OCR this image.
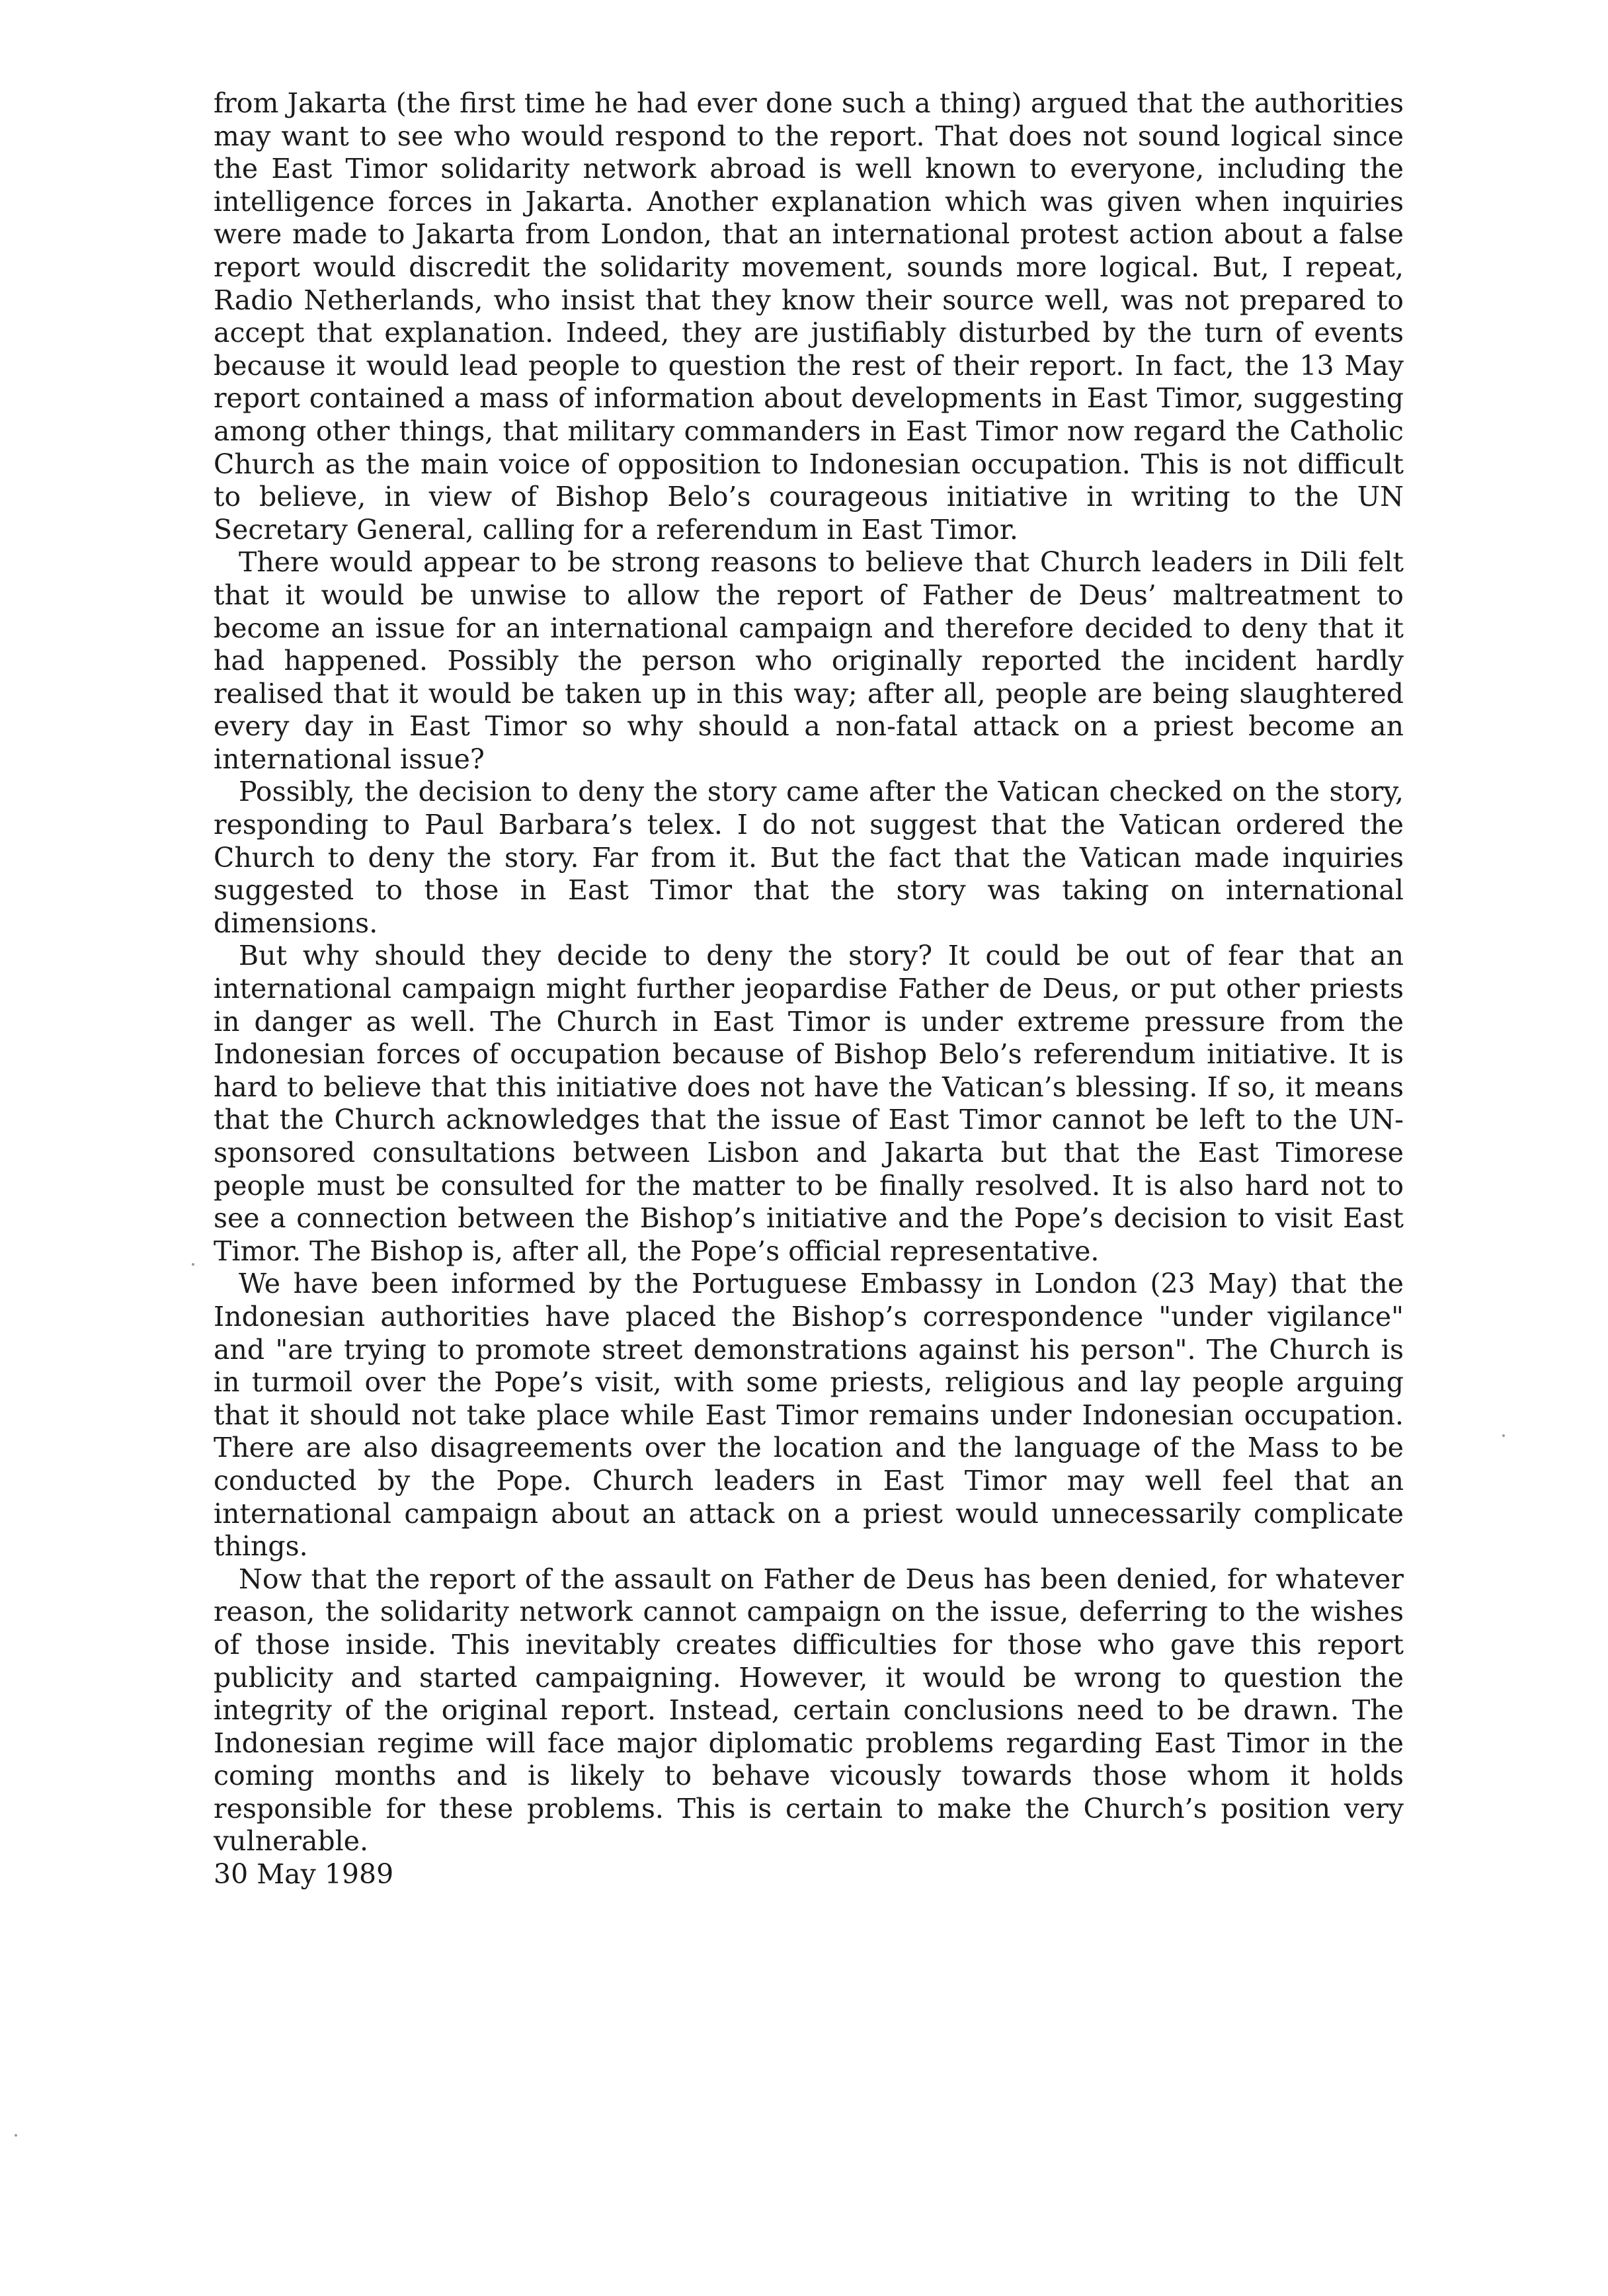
from Jakarta (the first time he had ever done such a thing) argued that the authorities may want to see who would respond to the report. That does not sound logical since the East Timor solidarity network abroad is well known to everyone, including the intelligence forces in Jakarta. Another explanation which was given when inquiries were made to Jakarta from London, that an international protest action about a false report would discredit the solidarity movement, sounds more logical. But, I repeat, Radio Netherlands, who insist that they know their source well, was not prepared to accept that explanation. Indeed, they are justifiably disturbed by the turn of events because it would lead people to question the rest of their report. In fact, the 13 May report contained a mass of information about developments in East Timor, suggesting among other things, that military commanders in East Timor now regard the Catholic Church as the main voice of opposition to Indonesian occupation. This is not difficult to believe, in view of Bishop Belo’s courageous initiative in writing to the UN Secretary General, calling for a referendum in East Timor.

There would appear to be strong reasons to believe that Church leaders in Dili felt that it would be unwise to allow the report of Father de Deus’ maltreatment to become an issue for an international campaign and therefore decided to deny that it had happened. Possibly the person who originally reported the incident hardly realised that it would be taken up in this way; after all, people are being slaughtered every day in East Timor so why should a non-fatal attack on a priest become an international issue?

Possibly, the decision to deny the story came after the Vatican checked on the story, responding to Paul Barbara’s telex. I do not suggest that the Vatican ordered the Church to deny the story. Far from it. But the fact that the Vatican made inquiries suggested to those in East Timor that the story was taking on international dimensions.

But why should they decide to deny the story? It could be out of fear that an international campaign might further jeopardise Father de Deus, or put other priests in danger as well. The Church in East Timor is under extreme pressure from the Indonesian forces of occupation because of Bishop Belo’s referendum initiative. It is hard to believe that this initiative does not have the Vatican’s blessing. If so, it means that the Church acknowledges that the issue of East Timor cannot be left to the UN-sponsored consultations between Lisbon and Jakarta but that the East Timorese people must be consulted for the matter to be finally resolved. It is also hard not to see a connection between the Bishop’s initiative and the Pope’s decision to visit East Timor. The Bishop is, after all, the Pope’s official representative.

We have been informed by the Portuguese Embassy in London (23 May) that the Indonesian authorities have placed the Bishop’s correspondence "under vigilance" and "are trying to promote street demonstrations against his person". The Church is in turmoil over the Pope’s visit, with some priests, religious and lay people arguing that it should not take place while East Timor remains under Indonesian occupation. There are also disagreements over the location and the language of the Mass to be conducted by the Pope. Church leaders in East Timor may well feel that an international campaign about an attack on a priest would unnecessarily complicate things.

Now that the report of the assault on Father de Deus has been denied, for whatever reason, the solidarity network cannot campaign on the issue, deferring to the wishes of those inside. This inevitably creates difficulties for those who gave this report publicity and started campaigning. However, it would be wrong to question the integrity of the original report. Instead, certain conclusions need to be drawn. The Indonesian regime will face major diplomatic problems regarding East Timor in the coming months and is likely to behave vicously towards those whom it holds responsible for these problems. This is certain to make the Church’s position very vulnerable.

30 May 1989
